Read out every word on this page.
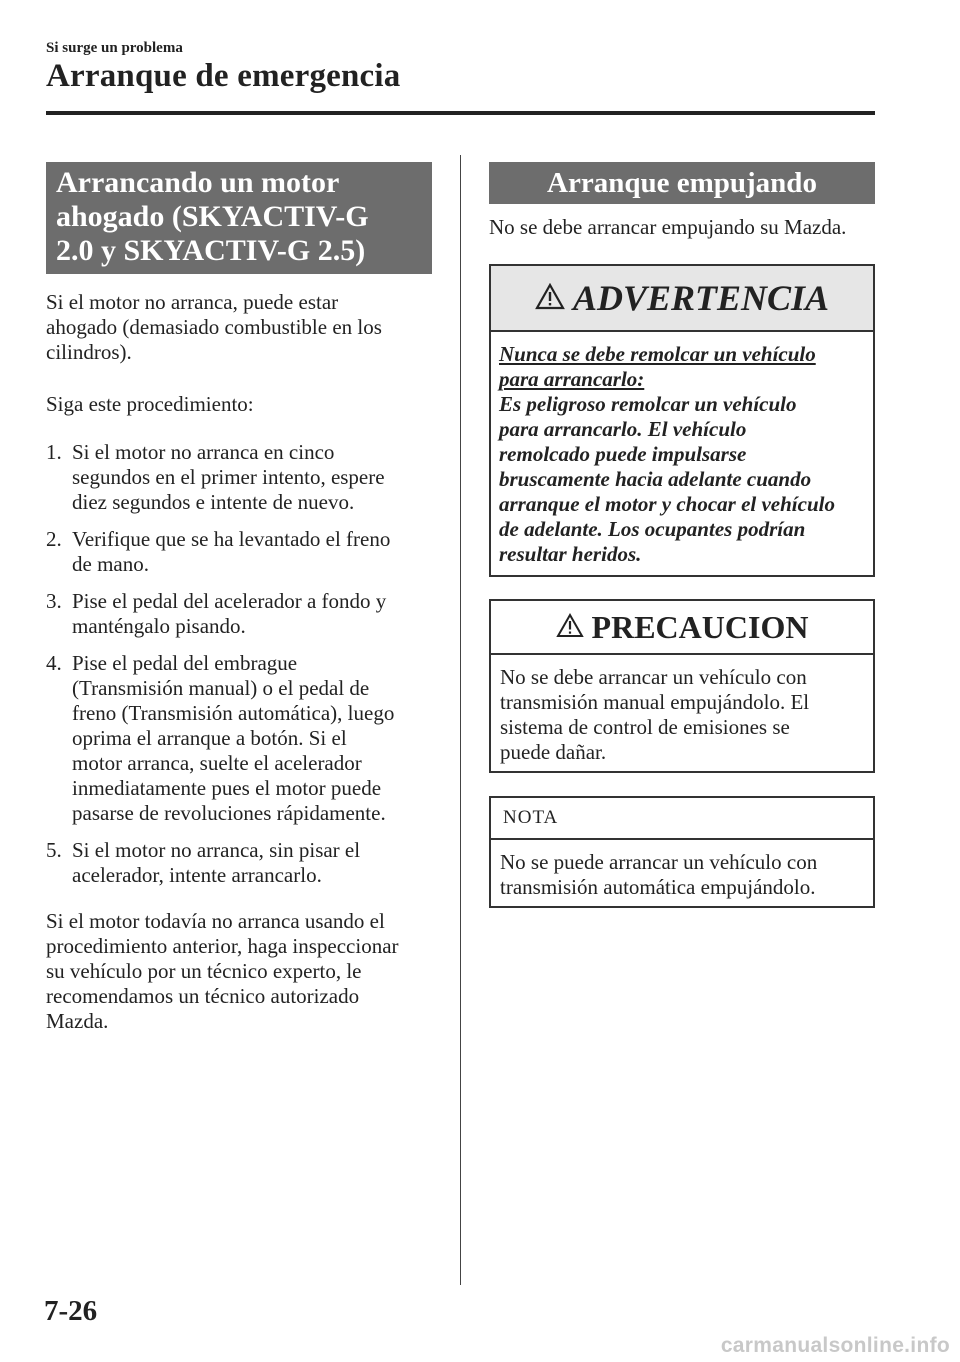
Si surge un problema
Arranque de emergencia
Arrancando un motor
ahogado (SKYACTIV-G
2.0 y SKYACTIV-G 2.5)
Si el motor no arranca, puede estar
ahogado (demasiado combustible en los
cilindros).
Siga este procedimiento:
1. Si el motor no arranca en cinco
segundos en el primer intento, espere
diez segundos e intente de nuevo.
2. Verifique que se ha levantado el freno
de mano.
3. Pise el pedal del acelerador a fondo y
manténgalo pisando.
4. Pise el pedal del embrague
(Transmisión manual) o el pedal de
freno (Transmisión automática), luego
oprima el arranque a botón. Si el
motor arranca, suelte el acelerador
inmediatamente pues el motor puede
pasarse de revoluciones rápidamente.
5. Si el motor no arranca, sin pisar el
acelerador, intente arrancarlo.
Si el motor todavía no arranca usando el
procedimiento anterior, haga inspeccionar
su vehículo por un técnico experto, le
recomendamos un técnico autorizado
Mazda.
Arranque empujando
No se debe arrancar empujando su Mazda.
ADVERTENCIA
Nunca se debe remolcar un vehículo
para arrancarlo:
Es peligroso remolcar un vehículo
para arrancarlo. El vehículo
remolcado puede impulsarse
bruscamente hacia adelante cuando
arranque el motor y chocar el vehículo
de adelante. Los ocupantes podrían
resultar heridos.
PRECAUCION
No se debe arrancar un vehículo con
transmisión manual empujándolo. El
sistema de control de emisiones se
puede dañar.
NOTA
No se puede arrancar un vehículo con
transmisión automática empujándolo.
7-26
carmanualsonline.info
